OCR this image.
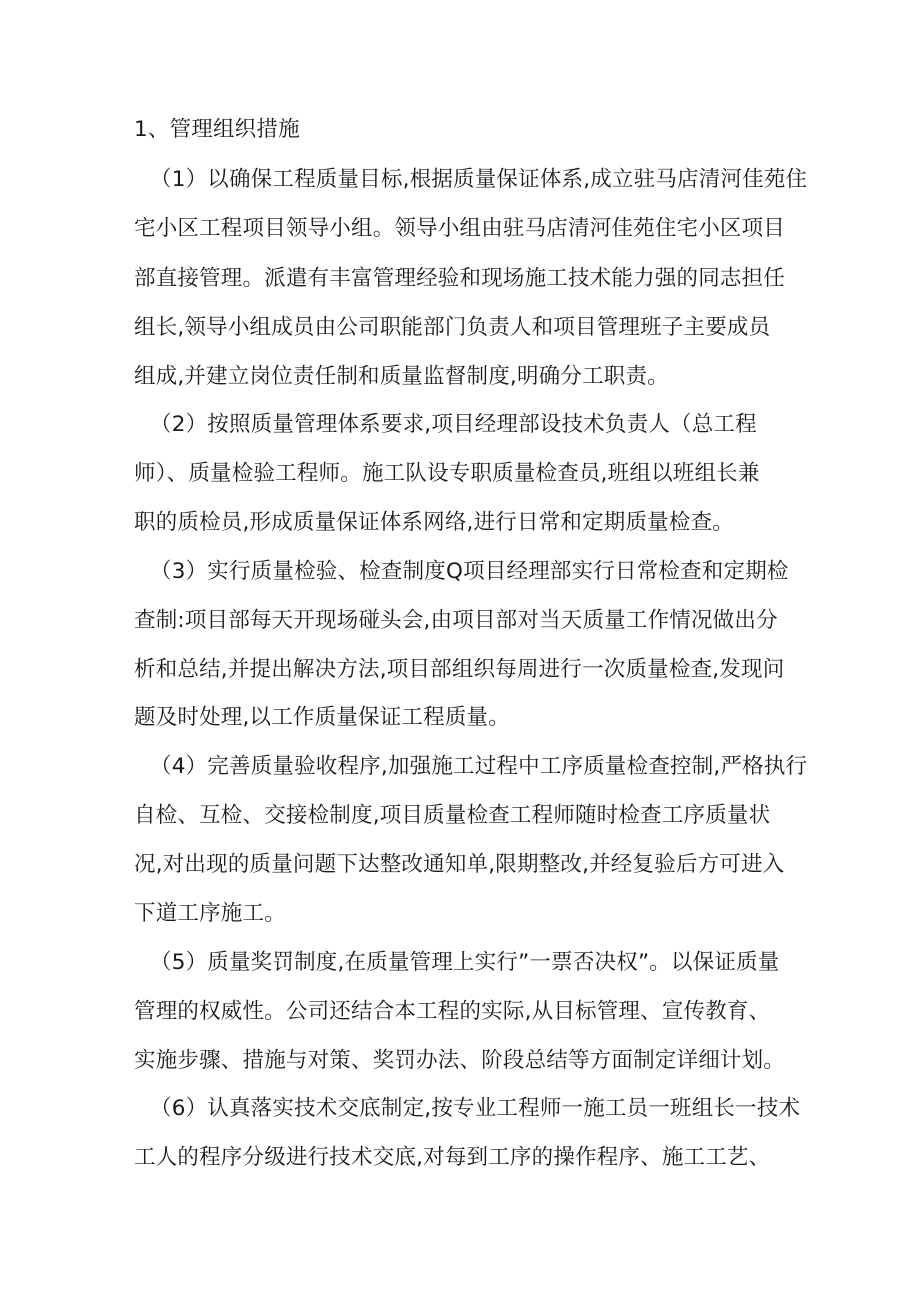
1、管理组织措施
（1）以确保工程质量目标,根据质量保证体系,成立驻马店清河佳苑住
宅小区工程项目领导小组。领导小组由驻马店清河佳苑住宅小区项目
部直接管理。派遣有丰富管理经验和现场施工技术能力强的同志担任
组长,领导小组成员由公司职能部门负责人和项目管理班子主要成员
组成,并建立岗位责任制和质量监督制度,明确分工职责。
（2）按照质量管理体系要求,项目经理部设技术负责人（总工程
师）、质量检验工程师。施工队设专职质量检查员,班组以班组长兼
职的质检员,形成质量保证体系网络,进行日常和定期质量检查。
（3）实行质量检验、检查制度Q项目经理部实行日常检查和定期检
查制:项目部每天开现场碰头会,由项目部对当天质量工作情况做出分
析和总结,并提出解决方法,项目部组织每周进行一次质量检查,发现问
题及时处理,以工作质量保证工程质量。
（4）完善质量验收程序,加强施工过程中工序质量检查控制,严格执行
自检、互检、交接检制度,项目质量检查工程师随时检查工序质量状
况,对出现的质量问题下达整改通知单,限期整改,并经复验后方可进入
下道工序施工。
（5）质量奖罚制度,在质量管理上实行”一票否决权”。以保证质量
管理的权威性。公司还结合本工程的实际,从目标管理、宣传教育、
实施步骤、措施与对策、奖罚办法、阶段总结等方面制定详细计划。
（6）认真落实技术交底制定,按专业工程师一施工员一班组长一技术
工人的程序分级进行技术交底,对每到工序的操作程序、施工工艺、
